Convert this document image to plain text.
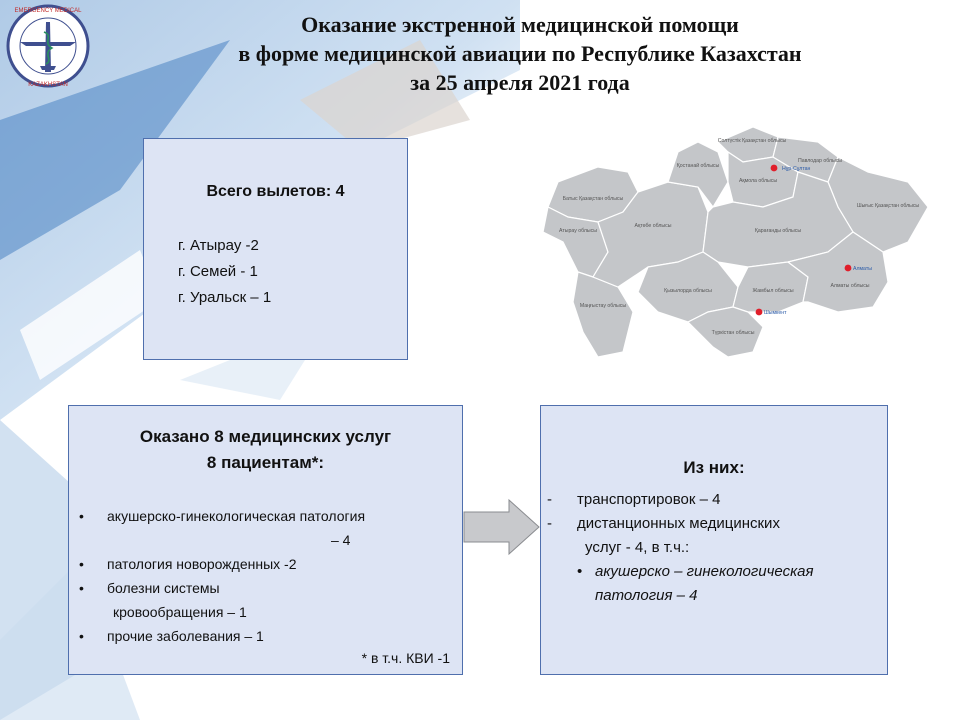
EMERGENCY MEDICAL
KAZAKHSTAN
Оказание экстренной медицинской помощи
в форме медицинской авиации по Республике Казахстан
за 25 апреля 2021 года
Всего вылетов: 4
г. Атырау -2
г. Семей - 1
г. Уральск – 1
Солтүстік Қазақстан облысы
Қостанай облысы
Ақмола облысы
Павлодар облысы
Батыс Қазақстан облысы
Атырау облысы
Ақтөбе облысы
Шығыс Қазақстан облысы
Қарағанды облысы
Маңғыстау облысы
Қызылорда облысы	Жамбыл облысы
Алматы облысы
Түркістан облысы
Нұр-Сұлтан
Алматы
Шымкент
Оказано 8 медицинских услуг
8 пациентам*:
• акушерско-гинекологическая патология
– 4
• патология новорожденных -2
• болезни системы
кровообращения – 1
• прочие заболевания – 1
* в т.ч. КВИ -1
Из них:
- транспортировок – 4
- дистанционных медицинских
услуг - 4, в т.ч.:
• акушерско – гинекологическая
патология – 4
